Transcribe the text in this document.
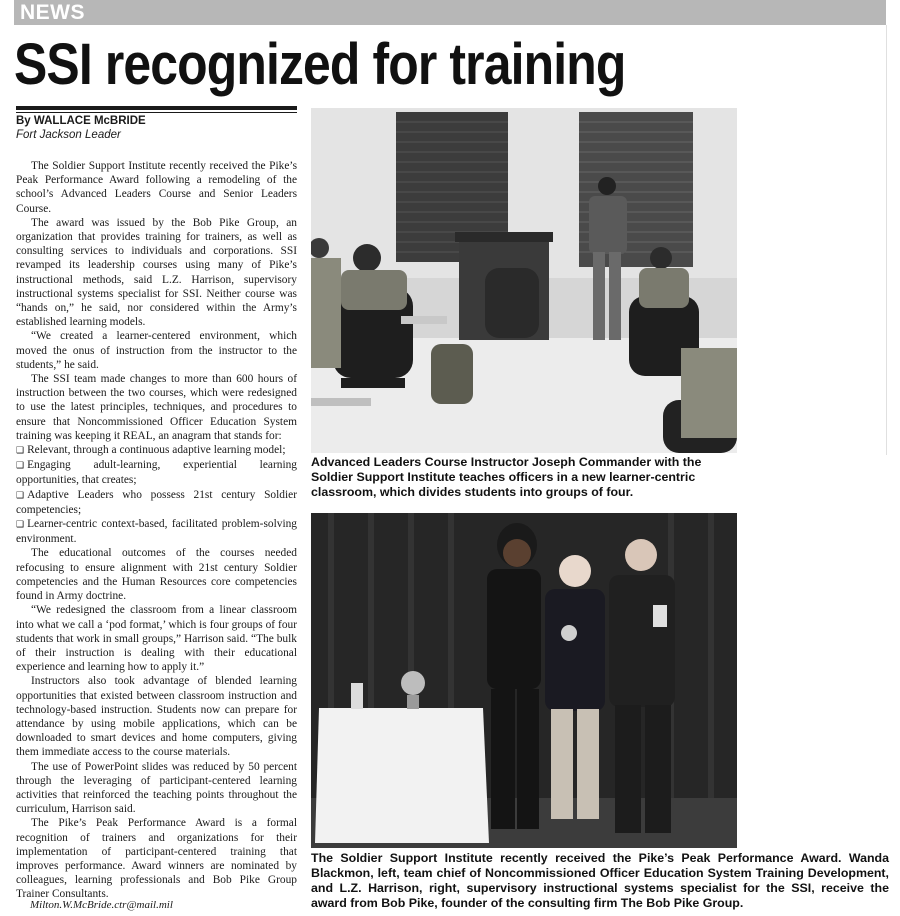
NEWS
SSI recognized for training
By WALLACE McBRIDE
Fort Jackson Leader

The Soldier Support Institute recently received the Pike’s Peak Performance Award following a remodeling of the school’s Advanced Leaders Course and Senior Leaders Course.

The award was issued by the Bob Pike Group, an organization that provides training for trainers, as well as consulting services to individuals and corporations. SSI revamped its leadership courses using many of Pike’s instructional methods, said L.Z. Harrison, supervisory instructional systems specialist for SSI. Neither course was “hands on,” he said, nor considered within the Army’s established learning models.

“We created a learner-centered environment, which moved the onus of instruction from the instructor to the students,” he said.

The SSI team made changes to more than 600 hours of instruction between the two courses, which were redesigned to use the latest principles, techniques, and procedures to ensure that Noncommissioned Officer Education System training was keeping it REAL, an anagram that stands for:

❑ Relevant, through a continuous adaptive learning model;

❑ Engaging adult-learning, experiential learning opportunities, that creates;

❑ Adaptive Leaders who possess 21st century Soldier competencies;

❑ Learner-centric context-based, facilitated problem-solving environment.

The educational outcomes of the courses needed refocusing to ensure alignment with 21st century Soldier competencies and the Human Resources core competencies found in Army doctrine.

“We redesigned the classroom from a linear classroom into what we call a ‘pod format,’ which is four groups of four students that work in small groups,” Harrison said. “The bulk of their instruction is dealing with their educational experience and learning how to apply it.”

Instructors also took advantage of blended learning opportunities that existed between classroom instruction and technology-based instruction. Students now can prepare for attendance by using mobile applications, which can be downloaded to smart devices and home computers, giving them immediate access to the course materials.

The use of PowerPoint slides was reduced by 50 percent through the leveraging of participant-centered learning activities that reinforced the teaching points throughout the curriculum, Harrison said.

The Pike’s Peak Performance Award is a formal recognition of trainers and organizations for their implementation of participant-centered training that improves performance. Award winners are nominated by colleagues, learning professionals and Bob Pike Group Trainer Consultants.

Milton.W.McBride.ctr@mail.mil
Advanced Leaders Course Instructor Joseph Commander with the Soldier Support Institute teaches officers in a new learner-centric classroom, which divides students into groups of four.
The Soldier Support Institute recently received the Pike’s Peak Performance Award. Wanda Blackmon, left, team chief of Noncommissioned Officer Education System Training Development, and L.Z. Harrison, right, supervisory instructional systems specialist for the SSI, receive the award from Bob Pike, founder of the consulting firm The Bob Pike Group.
